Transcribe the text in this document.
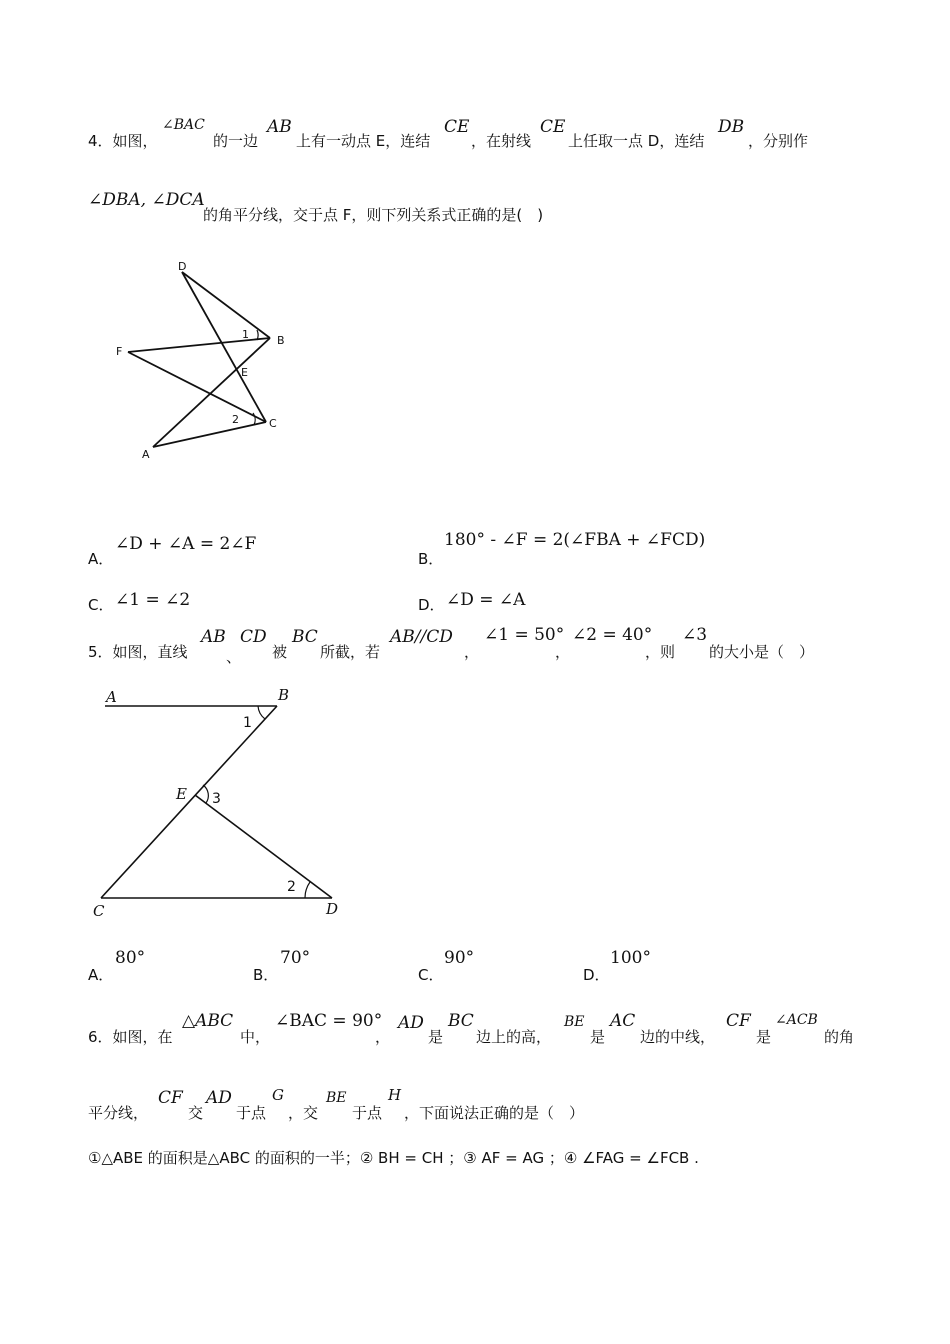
4．如图，
∠BAC
的一边
AB
上有一动点 E，连结
CE
，在射线
CE
上任取一点 D，连结
DB
，分别作
∠DBA, ∠DCA
的角平分线，交于点 F，则下列关系式正确的是(　)
D
B
F
E
C
A
1
2
A．
∠D + ∠A = 2∠F
B．
180° - ∠F = 2(∠FBA + ∠FCD)
C． ∠1 = ∠2	D． ∠D = ∠A
5．如图，直线
AB
、
CD
被
BC
所截，若
AB//CD
，
∠1 = 50°
，
∠2 = 40°
，则
∠3
的大小是（　）
A	B
E
C	D
1
2
3
A．
80°
B．
70°
C．
90°
D．
100°
6．如图，在
△ABC
中，
∠BAC = 90°
，
AD
是
BC
边上的高，
BE
是
AC
边的中线，
CF
是
∠ACB
的角
平分线，
CF
交
AD
于点
G
，交
BE
于点
H
，下面说法正确的是（　）
①△ABE 的面积是△ABC 的面积的一半；② BH = CH ；③ AF = AG ；④ ∠FAG = ∠FCB .
